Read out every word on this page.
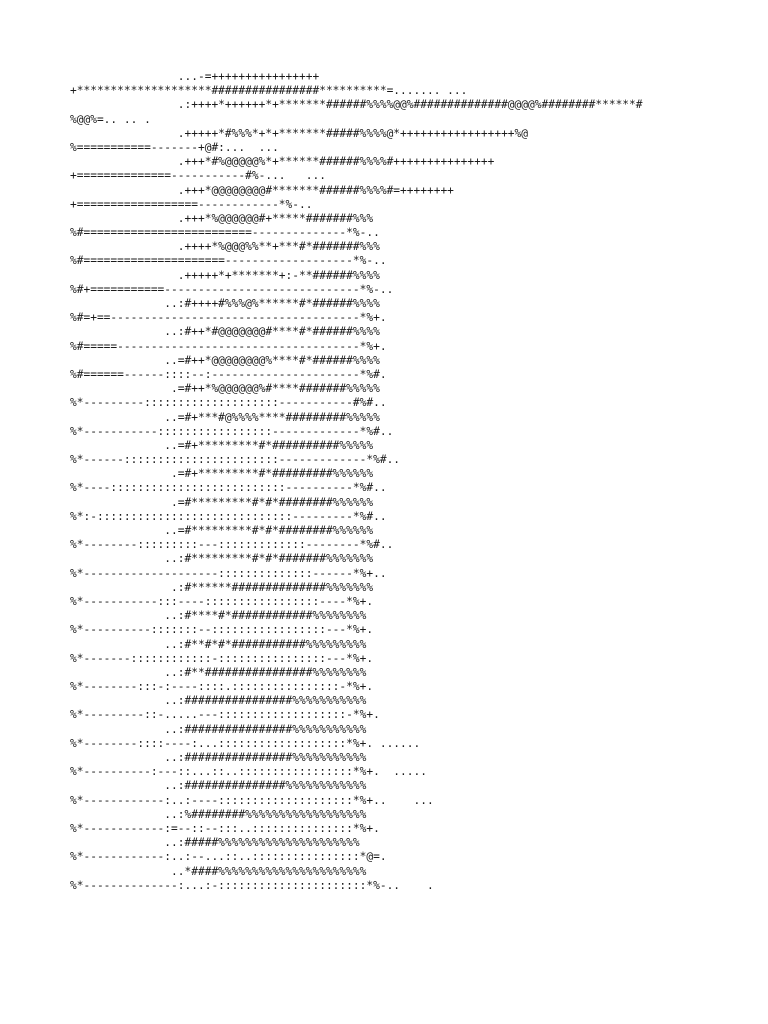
...-=++++++++++++++++
+********************################**********=....... ...
.:++++*++++++*+*******######%%%%@@%##############@@@@%########******#
%@@%=.. .. .
.+++++*#%%%*+*+*******#####%%%%@*+++++++++++++++++%@
%===========-------+@#:...  ...
.+++*#%@@@@@%*+******######%%%%#+++++++++++++++
+==============-----------#%-...   ...
.+++*@@@@@@@@#*******######%%%%#=++++++++
+==================------------*%-..
.+++*%@@@@@@#+*****#######%%%
%#=========================--------------*%-..
.++++*%@@@%%**+***#*#######%%%
%#=====================-------------------*%-..
.+++++*+*******+:-**######%%%%
%#+===========-----------------------------*%-..
..:#++++#%%%@%******#*######%%%%
%#=+==-------------------------------------*%+.
..:#++*#@@@@@@@#****#*######%%%%
%#=====------------------------------------*%+.
..=#++*@@@@@@@@%****#*######%%%%
%#======------::::--:----------------------*%#.
.=#++*%@@@@@@%#****#######%%%%%
%*---------::::::::::::::::::::-----------#%#..
..=#+***#@%%%%****#########%%%%%
%*-----------:::::::::::::::::-------------*%#..
..=#+*********#*##########%%%%%
%*------:::::::::::::::::::::::-------------*%#..
.=#+*********#*#########%%%%%%
%*----::::::::::::::::::::::::::----------*%#..
.=#*********#*#*########%%%%%%
%*:-:::::::::::::::::::::::::::::---------*%#..
..=#*********#*#*########%%%%%%
%*--------:::::::::---:::::::::::::--------*%#..
..:#*********#*#*#######%%%%%%%
%*--------------------::::::::::::::------*%+..
.:#******##############%%%%%%%
%*-----------:::----:::::::::::::::::----*%+.
..:#****#*############%%%%%%%%
%*----------:::::::--:::::::::::::::::---*%+.
..:#**#*#*###########%%%%%%%%%
%*-------::::::::::::-::::::::::::::::---*%+.
..:#**################%%%%%%%%
%*--------:::-:----::::.::::::::::::::::-*%+.
..:################%%%%%%%%%%%
%*---------::-.....---:::::::::::::::::::-*%+.
..:################%%%%%%%%%%%
%*--------::::----:...:::::::::::::::::::*%+. ......
..:################%%%%%%%%%%%
%*----------:---::...::..:::::::::::::::::*%+.  .....
..:###############%%%%%%%%%%%%
%*------------:..:----::::::::::::::::::::*%+..    ...
..:%########%%%%%%%%%%%%%%%%%%
%*------------:=--::--:::..:::::::::::::::*%+.
..:#####%%%%%%%%%%%%%%%%%%%%%
%*------------:..:--...::..::::::::::::::::*@=.
..*####%%%%%%%%%%%%%%%%%%%%%%
%*--------------:...:-::::::::::::::::::::::*%-..    .
